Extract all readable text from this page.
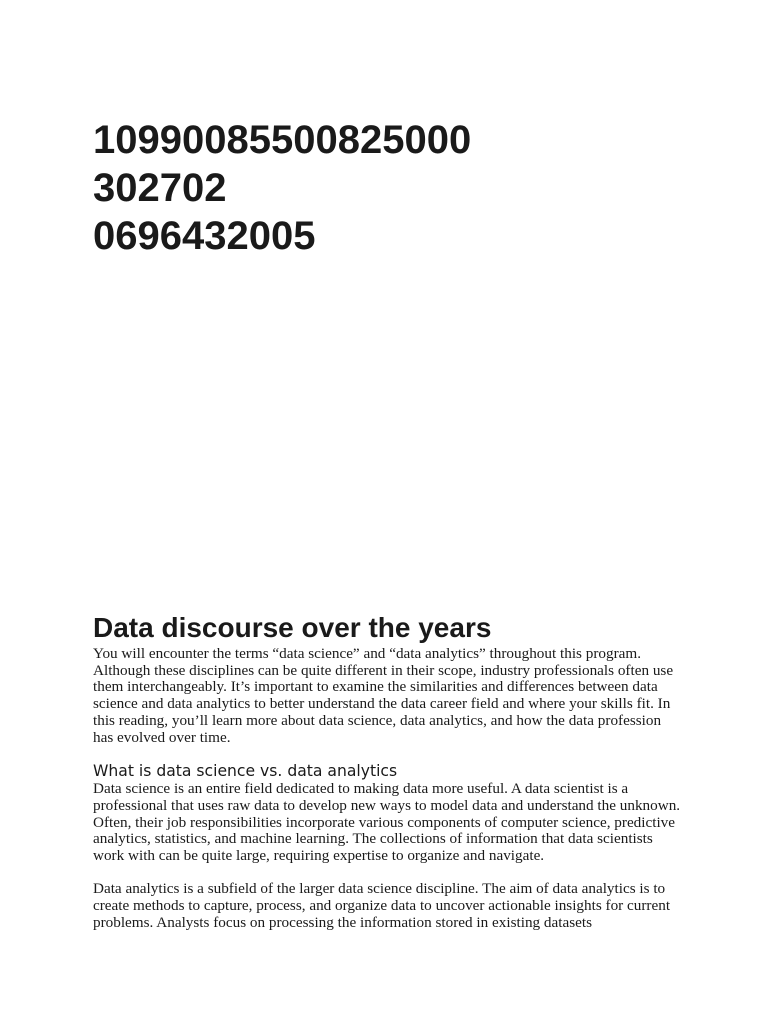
10990085500825000
302702
0696432005
Data discourse over the years

You will encounter the terms “data science” and “data analytics” throughout this program. Although these disciplines can be quite different in their scope, industry professionals often use them interchangeably. It’s important to examine the similarities and differences between data science and data analytics to better understand the data career field and where your skills fit. In this reading, you’ll learn more about data science, data analytics, and how the data profession has evolved over time.

What is data science vs. data analytics

Data science is an entire field dedicated to making data more useful. A data scientist is a professional that uses raw data to develop new ways to model data and understand the unknown. Often, their job responsibilities incorporate various components of computer science, predictive analytics, statistics, and machine learning. The collections of information that data scientists work with can be quite large, requiring expertise to organize and navigate.

Data analytics is a subfield of the larger data science discipline. The aim of data analytics is to create methods to capture, process, and organize data to uncover actionable insights for current problems. Analysts focus on processing the information stored in existing datasets
